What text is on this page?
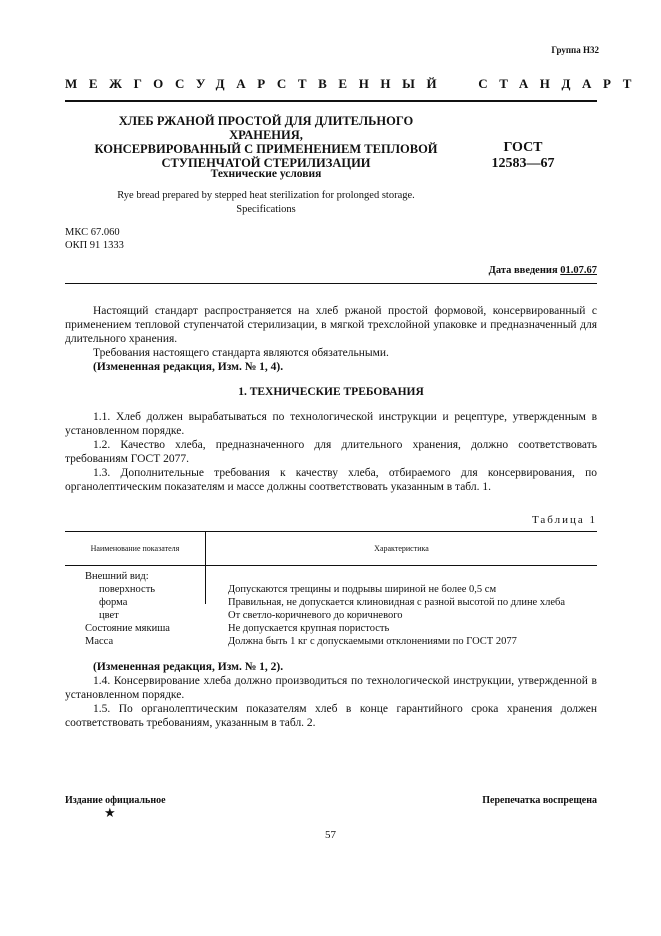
Группа Н32
МЕЖГОСУДАРСТВЕННЫЙ СТАНДАРТ
ХЛЕБ РЖАНОЙ ПРОСТОЙ ДЛЯ ДЛИТЕЛЬНОГО ХРАНЕНИЯ,
КОНСЕРВИРОВАННЫЙ С ПРИМЕНЕНИЕМ ТЕПЛОВОЙ
СТУПЕНЧАТОЙ СТЕРИЛИЗАЦИИ
ГОСТ
12583—67
Технические условия
Rye bread prepared by stepped heat sterilization for prolonged storage.
Specifications
МКС 67.060
ОКП 91 1333
Дата введения 01.07.67

Настоящий стандарт распространяется на хлеб ржаной простой формовой, консервированный с применением тепловой ступенчатой стерилизации, в мягкой трехслойной упаковке и предназначенный для длительного хранения.

Требования настоящего стандарта являются обязательными.

(Измененная редакция, Изм. № 1, 4).

1. ТЕХНИЧЕСКИЕ ТРЕБОВАНИЯ

1.1. Хлеб должен вырабатываться по технологической инструкции и рецептуре, утвержденным в установленном порядке.

1.2. Качество хлеба, предназначенного для длительного хранения, должно соответствовать требованиям ГОСТ 2077.

1.3. Дополнительные требования к качеству хлеба, отбираемого для консервирования, по органолептическим показателям и массе должны соответствовать указанным в табл. 1.

Таблица 1
Наименование показателя	Характеристика
Внешний вид:
поверхность	Допускаются трещины и подрывы шириной не более 0,5 см
форма	Правильная, не допускается клиновидная с разной высотой по длине хлеба
цвет	От светло-коричневого до коричневого
Состояние мякиша	Не допускается крупная пористость
Масса	Должна быть 1 кг с допускаемыми отклонениями по ГОСТ 2077

(Измененная редакция, Изм. № 1, 2).

1.4. Консервирование хлеба должно производиться по технологической инструкции, утвержденной в установленном порядке.

1.5. По органолептическим показателям хлеб в конце гарантийного срока хранения должен соответствовать требованиям, указанным в табл. 2.

Издание официальное
★
Перепечатка воспрещена
57
